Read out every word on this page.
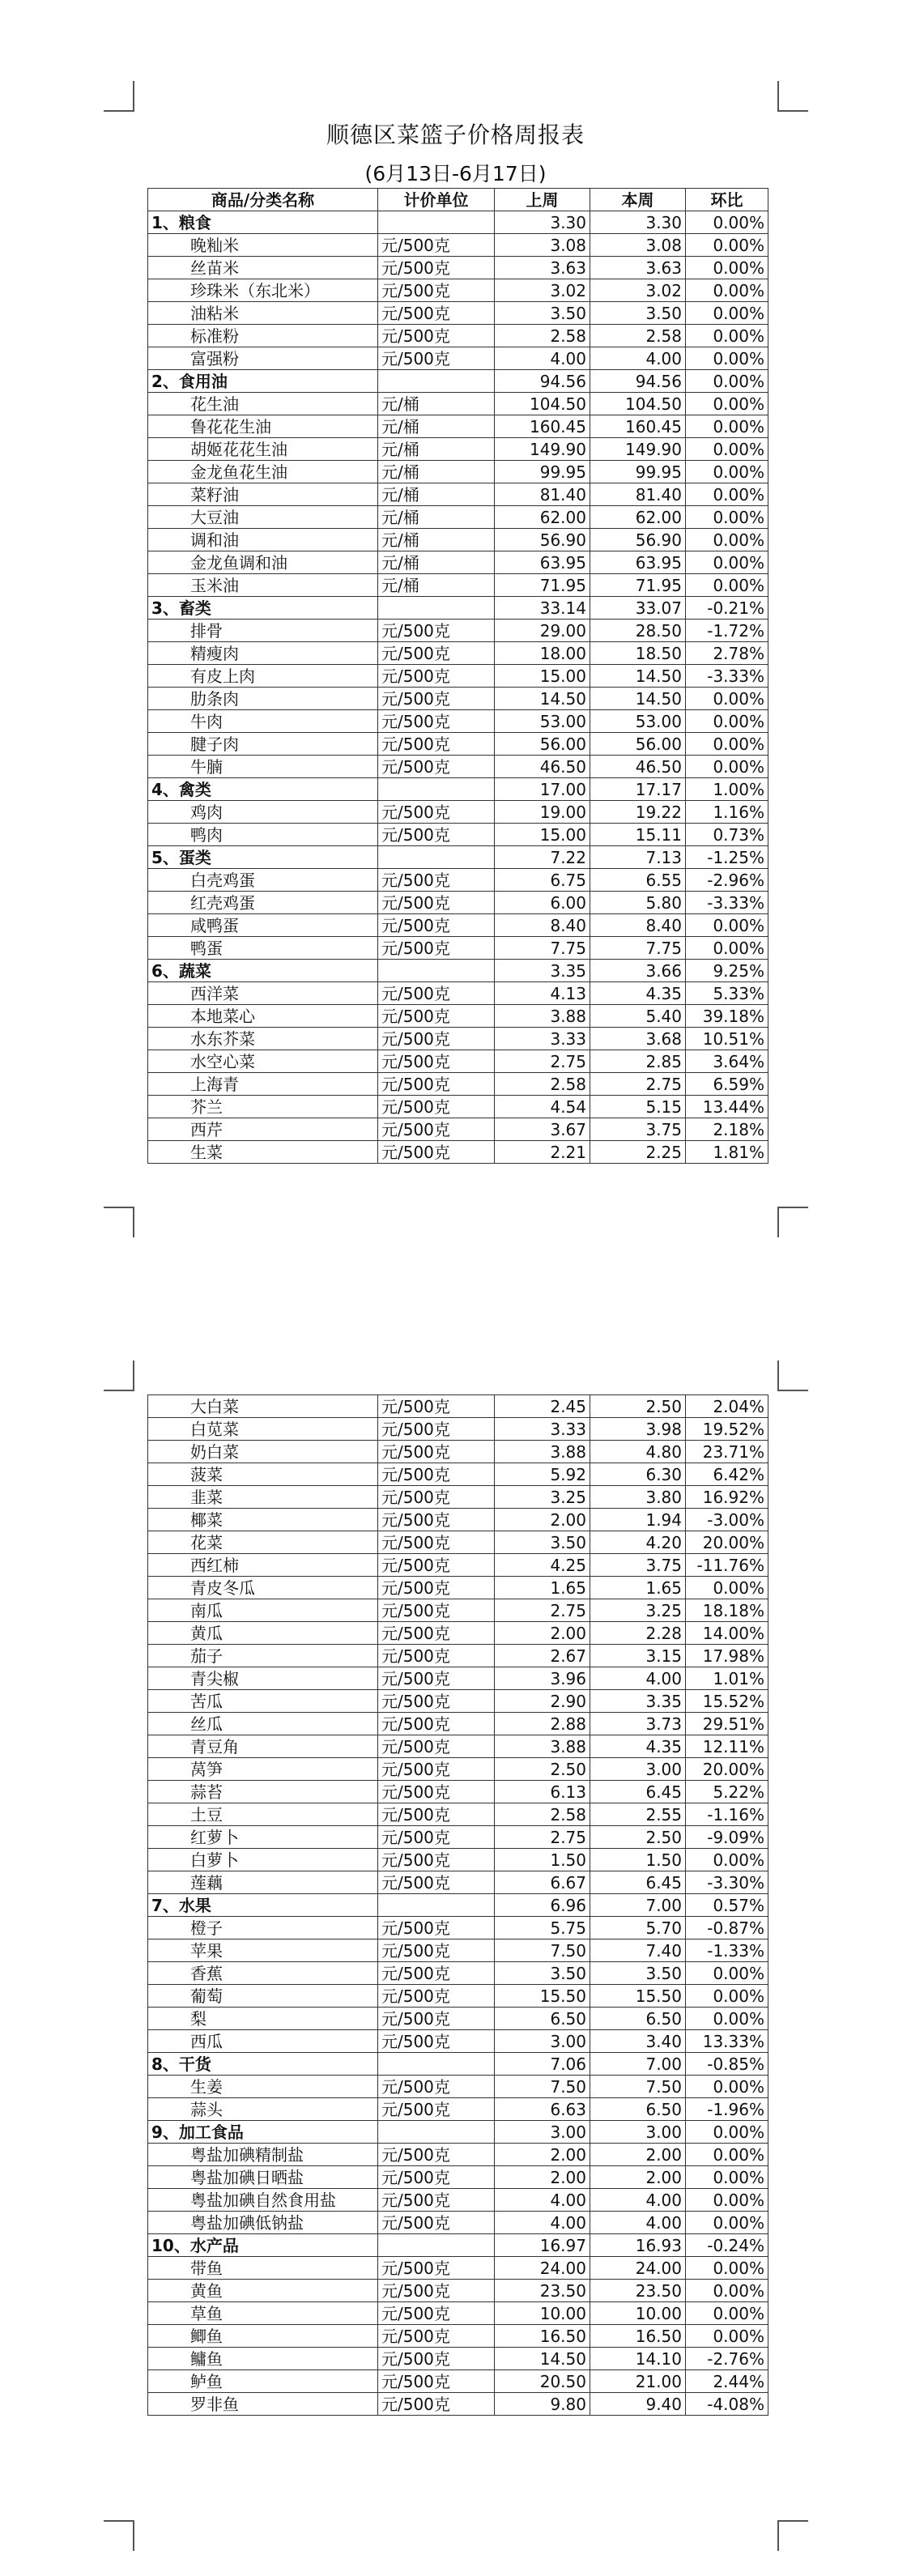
顺德区菜篮子价格周报表
(6月13日-6月17日)
商品/分类名称	计价单位	上周	本周	环比
1、粮食		3.30	3.30	0.00%
晚籼米	元/500克	3.08	3.08	0.00%
丝苗米	元/500克	3.63	3.63	0.00%
珍珠米（东北米）	元/500克	3.02	3.02	0.00%
油粘米	元/500克	3.50	3.50	0.00%
标准粉	元/500克	2.58	2.58	0.00%
富强粉	元/500克	4.00	4.00	0.00%
2、食用油		94.56	94.56	0.00%
花生油	元/桶	104.50	104.50	0.00%
鲁花花生油	元/桶	160.45	160.45	0.00%
胡姬花花生油	元/桶	149.90	149.90	0.00%
金龙鱼花生油	元/桶	99.95	99.95	0.00%
菜籽油	元/桶	81.40	81.40	0.00%
大豆油	元/桶	62.00	62.00	0.00%
调和油	元/桶	56.90	56.90	0.00%
金龙鱼调和油	元/桶	63.95	63.95	0.00%
玉米油	元/桶	71.95	71.95	0.00%
3、畜类		33.14	33.07	-0.21%
排骨	元/500克	29.00	28.50	-1.72%
精瘦肉	元/500克	18.00	18.50	2.78%
有皮上肉	元/500克	15.00	14.50	-3.33%
肋条肉	元/500克	14.50	14.50	0.00%
牛肉	元/500克	53.00	53.00	0.00%
腱子肉	元/500克	56.00	56.00	0.00%
牛腩	元/500克	46.50	46.50	0.00%
4、禽类		17.00	17.17	1.00%
鸡肉	元/500克	19.00	19.22	1.16%
鸭肉	元/500克	15.00	15.11	0.73%
5、蛋类		7.22	7.13	-1.25%
白壳鸡蛋	元/500克	6.75	6.55	-2.96%
红壳鸡蛋	元/500克	6.00	5.80	-3.33%
咸鸭蛋	元/500克	8.40	8.40	0.00%
鸭蛋	元/500克	7.75	7.75	0.00%
6、蔬菜		3.35	3.66	9.25%
西洋菜	元/500克	4.13	4.35	5.33%
本地菜心	元/500克	3.88	5.40	39.18%
水东芥菜	元/500克	3.33	3.68	10.51%
水空心菜	元/500克	2.75	2.85	3.64%
上海青	元/500克	2.58	2.75	6.59%
芥兰	元/500克	4.54	5.15	13.44%
西芹	元/500克	3.67	3.75	2.18%
生菜	元/500克	2.21	2.25	1.81%
大白菜	元/500克	2.45	2.50	2.04%
白苋菜	元/500克	3.33	3.98	19.52%
奶白菜	元/500克	3.88	4.80	23.71%
菠菜	元/500克	5.92	6.30	6.42%
韭菜	元/500克	3.25	3.80	16.92%
椰菜	元/500克	2.00	1.94	-3.00%
花菜	元/500克	3.50	4.20	20.00%
西红柿	元/500克	4.25	3.75	-11.76%
青皮冬瓜	元/500克	1.65	1.65	0.00%
南瓜	元/500克	2.75	3.25	18.18%
黄瓜	元/500克	2.00	2.28	14.00%
茄子	元/500克	2.67	3.15	17.98%
青尖椒	元/500克	3.96	4.00	1.01%
苦瓜	元/500克	2.90	3.35	15.52%
丝瓜	元/500克	2.88	3.73	29.51%
青豆角	元/500克	3.88	4.35	12.11%
莴笋	元/500克	2.50	3.00	20.00%
蒜苔	元/500克	6.13	6.45	5.22%
土豆	元/500克	2.58	2.55	-1.16%
红萝卜	元/500克	2.75	2.50	-9.09%
白萝卜	元/500克	1.50	1.50	0.00%
莲藕	元/500克	6.67	6.45	-3.30%
7、水果		6.96	7.00	0.57%
橙子	元/500克	5.75	5.70	-0.87%
苹果	元/500克	7.50	7.40	-1.33%
香蕉	元/500克	3.50	3.50	0.00%
葡萄	元/500克	15.50	15.50	0.00%
梨	元/500克	6.50	6.50	0.00%
西瓜	元/500克	3.00	3.40	13.33%
8、干货		7.06	7.00	-0.85%
生姜	元/500克	7.50	7.50	0.00%
蒜头	元/500克	6.63	6.50	-1.96%
9、加工食品		3.00	3.00	0.00%
粤盐加碘精制盐	元/500克	2.00	2.00	0.00%
粤盐加碘日晒盐	元/500克	2.00	2.00	0.00%
粤盐加碘自然食用盐	元/500克	4.00	4.00	0.00%
粤盐加碘低钠盐	元/500克	4.00	4.00	0.00%
10、水产品		16.97	16.93	-0.24%
带鱼	元/500克	24.00	24.00	0.00%
黄鱼	元/500克	23.50	23.50	0.00%
草鱼	元/500克	10.00	10.00	0.00%
鲫鱼	元/500克	16.50	16.50	0.00%
鳙鱼	元/500克	14.50	14.10	-2.76%
鲈鱼	元/500克	20.50	21.00	2.44%
罗非鱼	元/500克	9.80	9.40	-4.08%
